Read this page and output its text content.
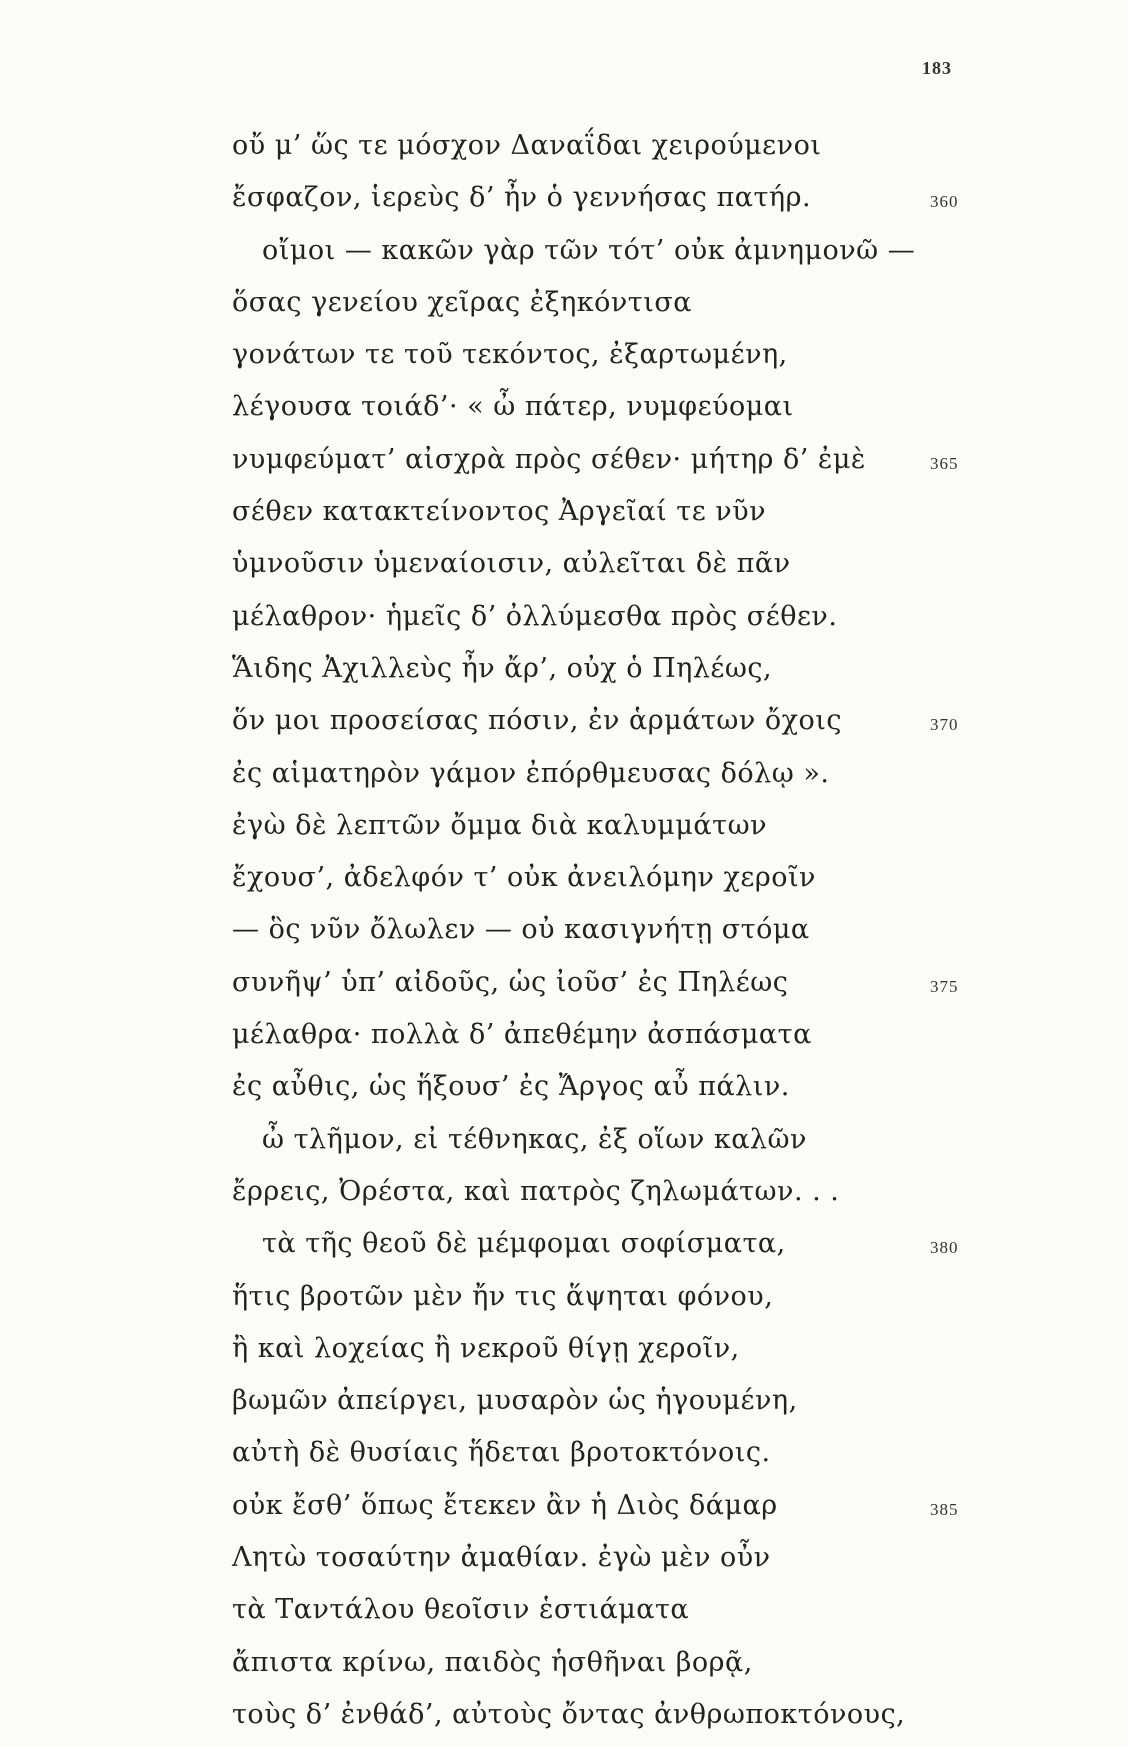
183
οὔ μ’ ὥς τε μόσχον Δαναΐδαι χειρούμενοι
ἔσφαζον, ἱερεὺς δ’ ἦν ὁ γεννήσας πατήρ.	360
οἴμοι — κακῶν γὰρ τῶν τότ’ οὐκ ἀμνημονῶ —
ὅσας γενείου χεῖρας ἐξηκόντισα
γονάτων τε τοῦ τεκόντος, ἐξαρτωμένη,
λέγουσα τοιάδ’· « ὦ πάτερ, νυμφεύομαι
νυμφεύματ’ αἰσχρὰ πρὸς σέθεν· μήτηρ δ’ ἐμὲ	365
σέθεν κατακτείνοντος Ἀργεῖαί τε νῦν
ὑμνοῦσιν ὑμεναίοισιν, αὐλεῖται δὲ πᾶν
μέλαθρον· ἡμεῖς δ’ ὀλλύμεσθα πρὸς σέθεν.
Ἅιδης Ἀχιλλεὺς ἦν ἄρ’, οὐχ ὁ Πηλέως,
ὅν μοι προσείσας πόσιν, ἐν ἁρμάτων ὄχοις	370
ἐς αἱματηρὸν γάμον ἐπόρθμευσας δόλῳ ».
ἐγὼ δὲ λεπτῶν ὄμμα διὰ καλυμμάτων
ἔχουσ’, ἀδελφόν τ’ οὐκ ἀνειλόμην χεροῖν
— ὃς νῦν ὄλωλεν — οὐ κασιγνήτῃ στόμα
συνῆψ’ ὑπ’ αἰδοῦς, ὡς ἰοῦσ’ ἐς Πηλέως	375
μέλαθρα· πολλὰ δ’ ἀπεθέμην ἀσπάσματα
ἐς αὖθις, ὡς ἥξουσ’ ἐς Ἄργος αὖ πάλιν.
ὦ τλῆμον, εἰ τέθνηκας, ἐξ οἵων καλῶν
ἔρρεις, Ὀρέστα, καὶ πατρὸς ζηλωμάτων. . .
τὰ τῆς θεοῦ δὲ μέμφομαι σοφίσματα,	380
ἥτις βροτῶν μὲν ἤν τις ἅψηται φόνου,
ἢ καὶ λοχείας ἢ νεκροῦ θίγῃ χεροῖν,
βωμῶν ἀπείργει, μυσαρὸν ὡς ἡγουμένη,
αὐτὴ δὲ θυσίαις ἥδεται βροτοκτόνοις.
οὐκ ἔσθ’ ὅπως ἔτεκεν ἂν ἡ Διὸς δάμαρ	385
Λητὼ τοσαύτην ἀμαθίαν. ἐγὼ μὲν οὖν
τὰ Ταντάλου θεοῖσιν ἑστιάματα
ἄπιστα κρίνω, παιδὸς ἡσθῆναι βορᾷ,
τοὺς δ’ ἐνθάδ’, αὐτοὺς ὄντας ἀνθρωποκτόνους,
